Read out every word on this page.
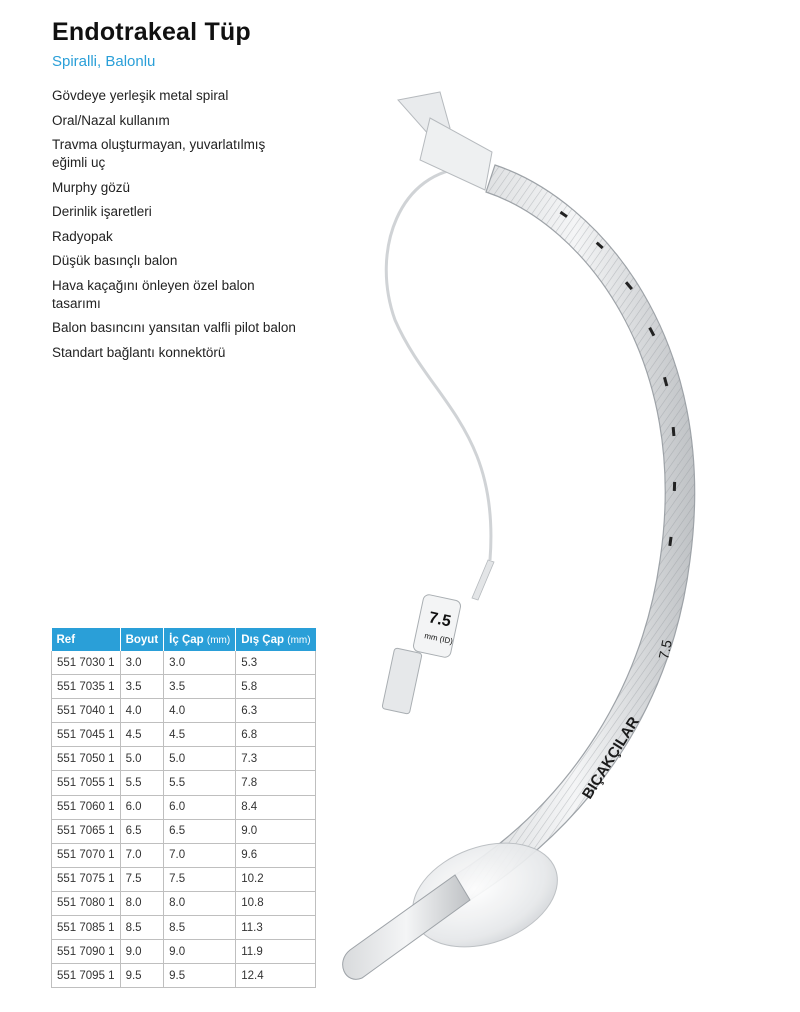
Endotrakeal Tüp
Spiralli, Balonlu
Gövdeye yerleşik metal spiral
Oral/Nazal kullanım
Travma oluşturmayan, yuvarlatılmış eğimli uç
Murphy gözü
Derinlik işaretleri
Radyopak
Düşük basınçlı balon
Hava kaçağını önleyen özel balon tasarımı
Balon basıncını yansıtan valfli pilot balon
Standart bağlantı konnektörü
BIÇAKÇILAR
7.5
7.5
mm (ID)
Ref	Boyut	İç Çap (mm)	Dış Çap (mm)
551 7030 1	3.0	3.0	5.3
551 7035 1	3.5	3.5	5.8
551 7040 1	4.0	4.0	6.3
551 7045 1	4.5	4.5	6.8
551 7050 1	5.0	5.0	7.3
551 7055 1	5.5	5.5	7.8
551 7060 1	6.0	6.0	8.4
551 7065 1	6.5	6.5	9.0
551 7070 1	7.0	7.0	9.6
551 7075 1	7.5	7.5	10.2
551 7080 1	8.0	8.0	10.8
551 7085 1	8.5	8.5	11.3
551 7090 1	9.0	9.0	11.9
551 7095 1	9.5	9.5	12.4
